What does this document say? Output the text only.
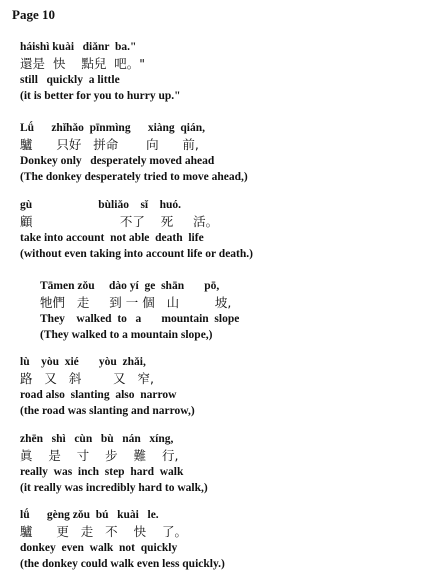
Page 10
háishì kuài   diǎnr  ba."
還是  快    點兒  吧。"
still   quickly  a little
(it is better for you to hurry up."
Lǘ      zhǐhǎo  pīnmìng      xiàng  qián,
驢      只好   拼命       向      前,
Donkey only   desperately moved ahead
(The donkey desperately tried to move ahead,)
gù                       bùliǎo    sǐ    huó.
顧                      不了    死     活。
take into account  not able  death  life
(without even taking into account life or death.)
Tāmen zǒu     dào yí  ge  shān       pō,
牠們   走     到 一 個   山         坡,
They    walked  to   a       mountain  slope
(They walked to a mountain slope,)
lù    yòu  xié       yòu  zhǎi,
路   又   斜        又   窄,
road also  slanting  also  narrow
(the road was slanting and narrow,)
zhēn   shì   cùn   bù   nán   xíng,
眞    是    寸    步    難    行,
really  was  inch  step  hard  walk
(it really was incredibly hard to walk,)
lǘ      gèng zǒu  bú   kuài   le.
驢      更   走   不    快    了。
donkey  even  walk  not  quickly
(the donkey could walk even less quickly.)
